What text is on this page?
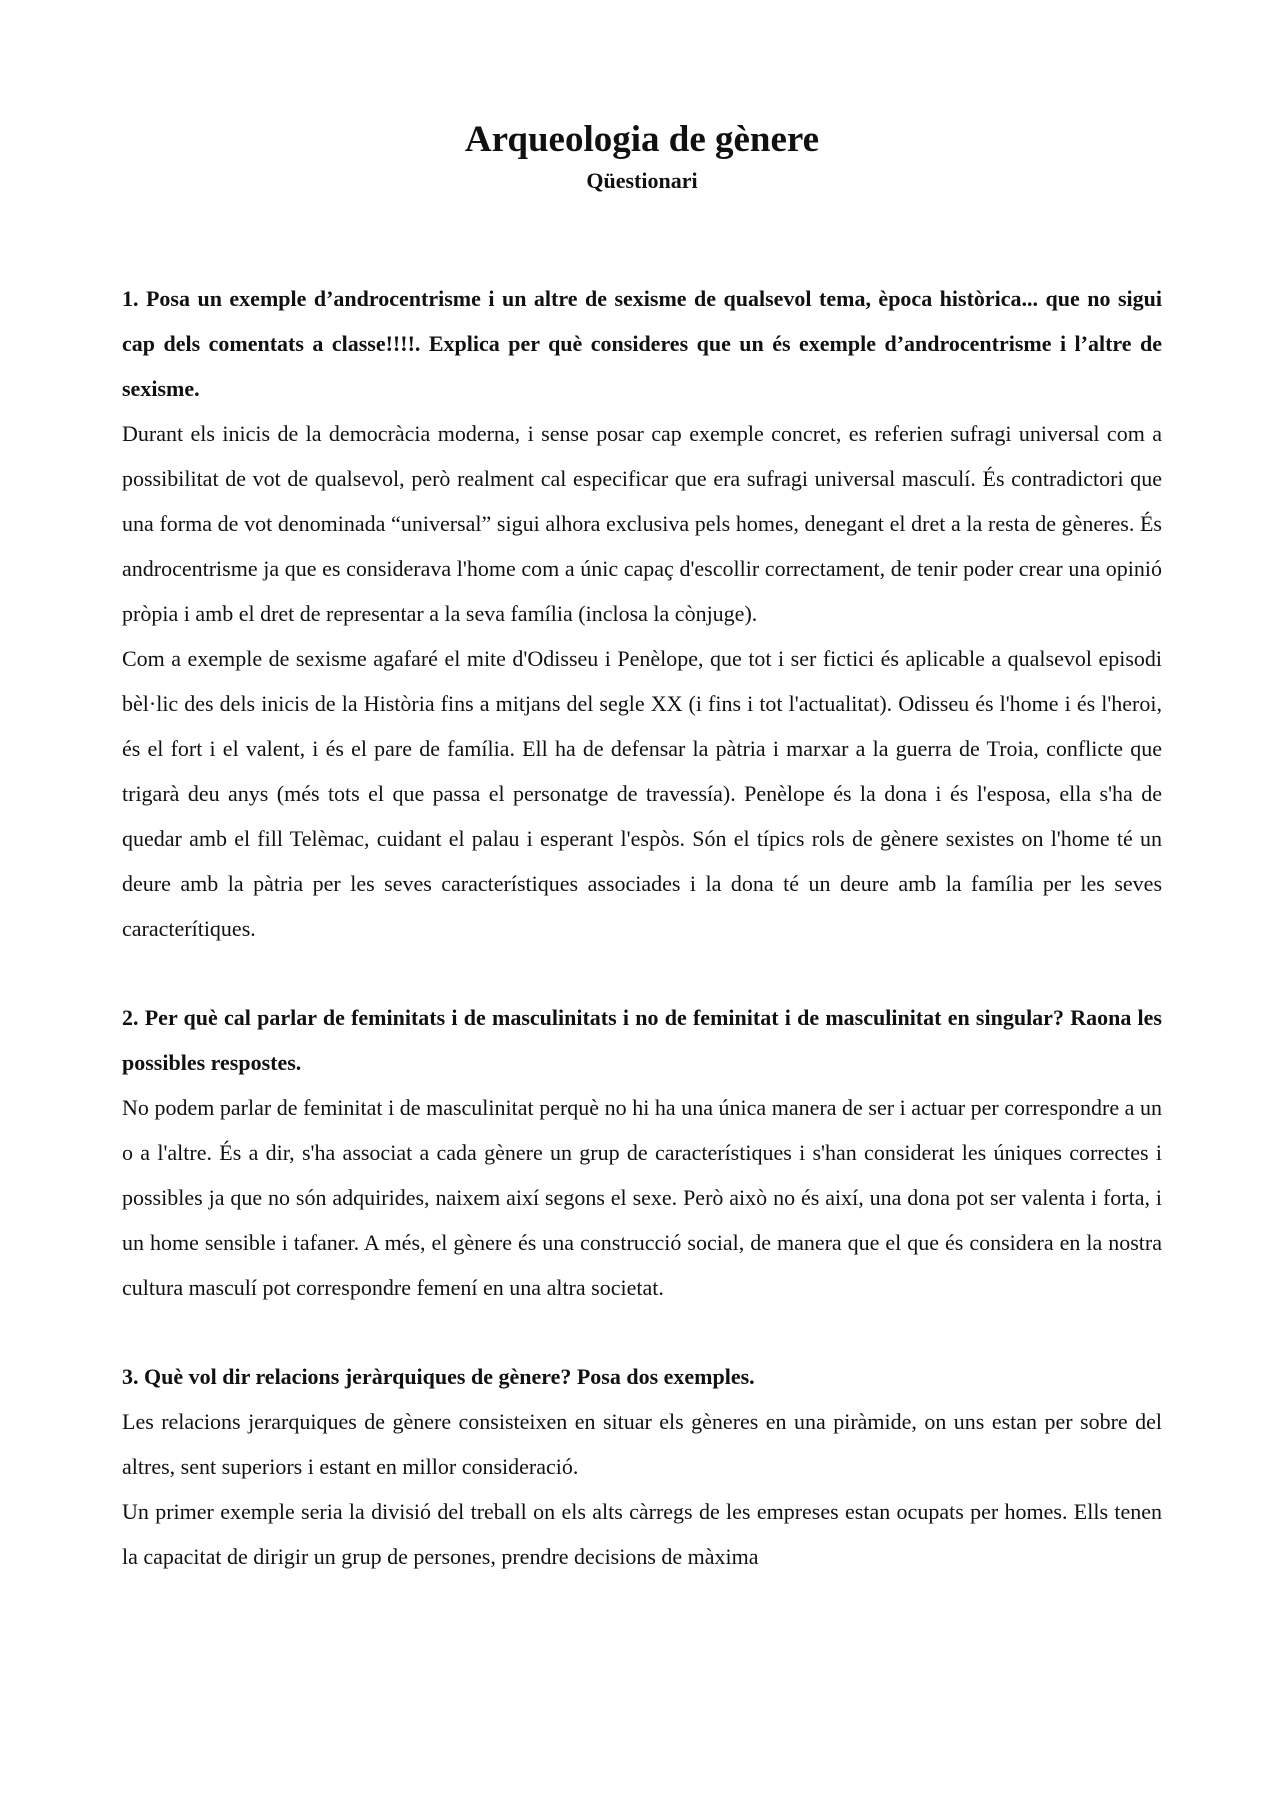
Arqueologia de gènere
Qüestionari

1. Posa un exemple d’androcentrisme i un altre de sexisme de qualsevol tema, època històrica... que no sigui cap dels comentats a classe!!!!. Explica per què consideres que un és exemple d’androcentrisme i l’altre de sexisme.

Durant els inicis de la democràcia moderna, i sense posar cap exemple concret, es referien sufragi universal com a possibilitat de vot de qualsevol, però realment cal especificar que era sufragi universal masculí. És contradictori que una forma de vot denominada “universal” sigui alhora exclusiva pels homes, denegant el dret a la resta de gèneres. És androcentrisme ja que es considerava l'home com a únic capaç d'escollir correctament, de tenir poder crear una opinió pròpia i amb el dret de representar a la seva família (inclosa la cònjuge).

Com a exemple de sexisme agafaré el mite d'Odisseu i Penèlope, que tot i ser fictici és aplicable a qualsevol episodi bèl·lic des dels inicis de la Història fins a mitjans del segle XX (i fins i tot l'actualitat). Odisseu és l'home i és l'heroi, és el fort i el valent, i és el pare de família. Ell ha de defensar la pàtria i marxar a la guerra de Troia, conflicte que trigarà deu anys (més tots el que passa el personatge de travessía). Penèlope és la dona i és l'esposa, ella s'ha de quedar amb el fill Telèmac, cuidant el palau i esperant l'espòs. Són el típics rols de gènere sexistes on l'home té un deure amb la pàtria per les seves característiques associades i la dona té un deure amb la família per les seves caracterítiques.

2. Per què cal parlar de feminitats i de masculinitats i no de feminitat i de masculinitat en singular? Raona les possibles respostes.

No podem parlar de feminitat i de masculinitat perquè no hi ha una única manera de ser i actuar per correspondre a un o a l'altre. És a dir, s'ha associat a cada gènere un grup de característiques i s'han considerat les úniques correctes i possibles ja que no són adquirides, naixem així segons el sexe. Però això no és així, una dona pot ser valenta i forta, i un home sensible i tafaner. A més, el gènere és una construcció social, de manera que el que és considera en la nostra cultura masculí pot correspondre femení en una altra societat.

3. Què vol dir relacions jeràrquiques de gènere? Posa dos exemples.

Les relacions jerarquiques de gènere consisteixen en situar els gèneres en una piràmide, on uns estan per sobre del altres, sent superiors i estant en millor consideració.

Un primer exemple seria la divisió del treball on els alts càrregs de les empreses estan ocupats per homes. Ells tenen la capacitat de dirigir un grup de persones, prendre decisions de màxima
